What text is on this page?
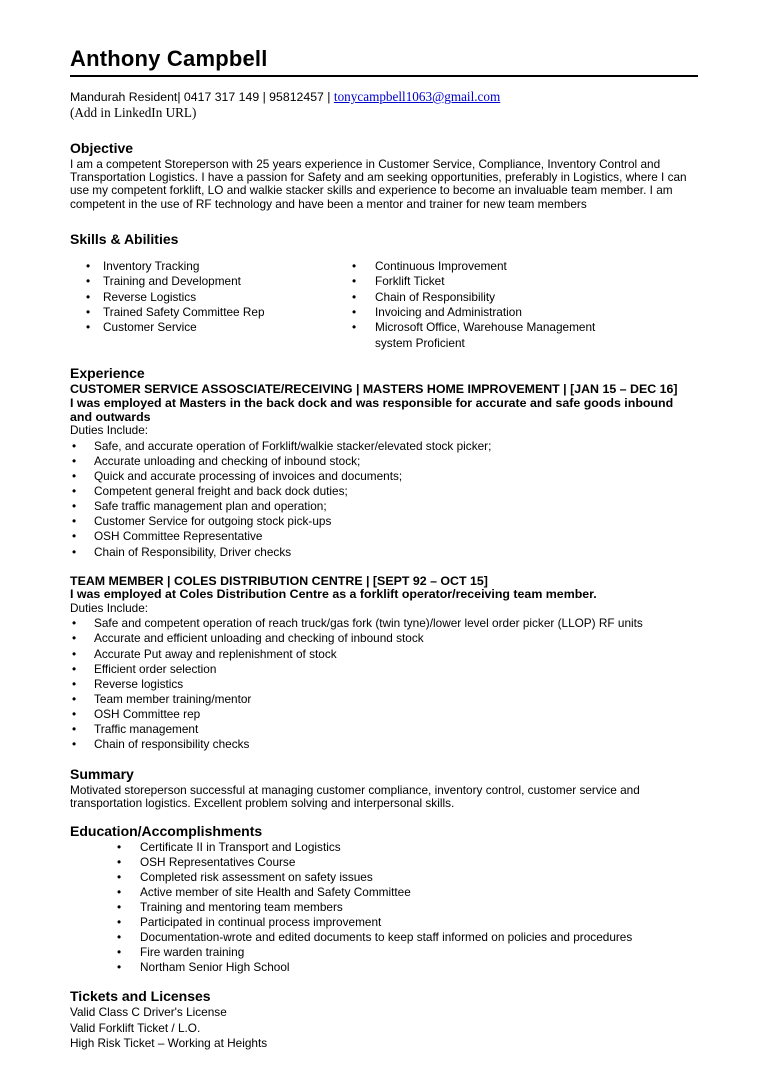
Anthony Campbell
Mandurah Resident| 0417 317 149 | 95812457 | tonycampbell1063@gmail.com
(Add in LinkedIn URL)
Objective
I am a competent Storeperson with 25 years experience in Customer Service, Compliance, Inventory Control and Transportation Logistics. I have a passion for Safety and am seeking opportunities, preferably in Logistics, where I can use my competent forklift, LO and walkie stacker skills and experience to become an invaluable team member. I am competent in the use of RF technology and have been a mentor and trainer for new team members
Skills & Abilities
• Inventory Tracking
• Training and Development
• Reverse Logistics
• Trained Safety Committee Rep
• Customer Service
• Continuous Improvement
• Forklift Ticket
• Chain of Responsibility
• Invoicing and Administration
• Microsoft Office, Warehouse Management system Proficient
Experience
CUSTOMER SERVICE ASSOSCIATE/RECEIVING | MASTERS HOME IMPROVEMENT | [JAN 15 – DEC 16]
I was employed at Masters in the back dock and was responsible for accurate and safe goods inbound and outwards
Duties Include:
• Safe, and accurate operation of Forklift/walkie stacker/elevated stock picker;
• Accurate unloading and checking of inbound stock;
• Quick and accurate processing of invoices and documents;
• Competent general freight and back dock duties;
• Safe traffic management plan and operation;
• Customer Service for outgoing stock pick-ups
• OSH Committee Representative
• Chain of Responsibility, Driver checks
TEAM MEMBER | COLES DISTRIBUTION CENTRE | [SEPT 92 – OCT 15]
I was employed at Coles Distribution Centre as a forklift operator/receiving team member.
Duties Include:
• Safe and competent operation of reach truck/gas fork (twin tyne)/lower level order picker (LLOP) RF units
• Accurate and efficient unloading and checking of inbound stock
• Accurate Put away and replenishment of stock
• Efficient order selection
• Reverse logistics
• Team member training/mentor
• OSH Committee rep
• Traffic management
• Chain of responsibility checks
Summary
Motivated storeperson successful at managing customer compliance, inventory control, customer service and transportation logistics. Excellent problem solving and interpersonal skills.
Education/Accomplishments
• Certificate II in Transport and Logistics
• OSH Representatives Course
• Completed risk assessment on safety issues
• Active member of site Health and Safety Committee
• Training and mentoring team members
• Participated in continual process improvement
• Documentation-wrote and edited documents to keep staff informed on policies and procedures
• Fire warden training
• Northam Senior High School
Tickets and Licenses
Valid Class C Driver's License
Valid Forklift Ticket / L.O.
High Risk Ticket – Working at Heights
